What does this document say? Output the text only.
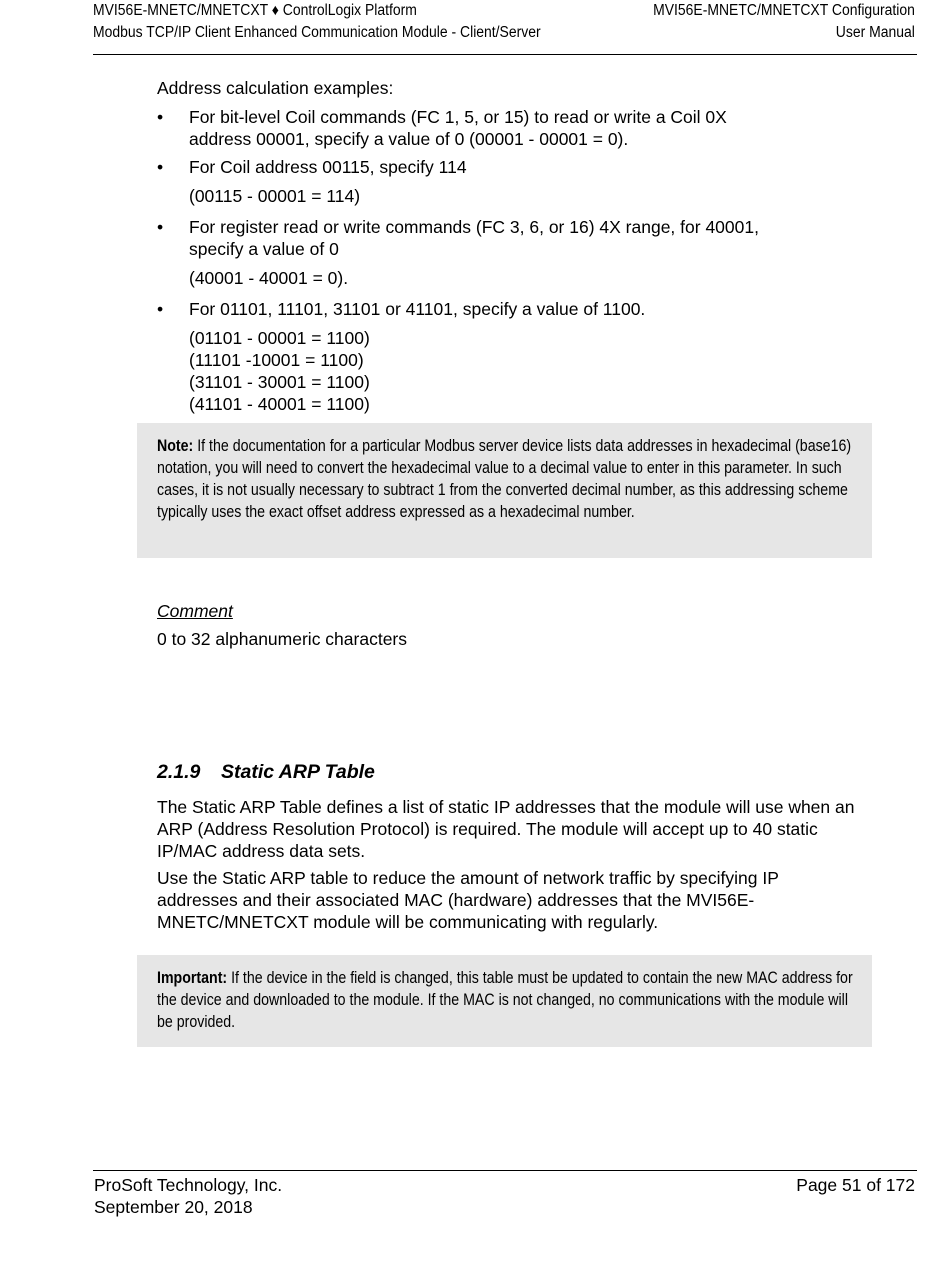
MVI56E-MNETC/MNETCXT ♦ ControlLogix Platform
Modbus TCP/IP Client Enhanced Communication Module - Client/Server
MVI56E-MNETC/MNETCXT Configuration
User Manual

Address calculation examples:

•	For bit-level Coil commands (FC 1, 5, or 15) to read or write a Coil 0X
address 00001, specify a value of 0 (00001 - 00001 = 0).
•	For Coil address 00115, specify 114
(00115 - 00001 = 114)
•	For register read or write commands (FC 3, 6, or 16) 4X range, for 40001,
specify a value of 0
(40001 - 40001 = 0).
•	For 01101, 11101, 31101 or 41101, specify a value of 1100.
(01101 - 00001 = 1100)
(11101 -10001 = 1100)
(31101 - 30001 = 1100)
(41101 - 40001 = 1100)
Note: If the documentation for a particular Modbus server device lists data addresses in hexadecimal (base16) notation, you will need to convert the hexadecimal value to a decimal value to enter in this parameter. In such cases, it is not usually necessary to subtract 1 from the converted decimal number, as this addressing scheme typically uses the exact offset address expressed as a hexadecimal number.
Comment
0 to 32 alphanumeric characters
2.1.9 Static ARP Table

The Static ARP Table defines a list of static IP addresses that the module will use when an ARP (Address Resolution Protocol) is required. The module will accept up to 40 static IP/MAC address data sets.

Use the Static ARP table to reduce the amount of network traffic by specifying IP addresses and their associated MAC (hardware) addresses that the MVI56E-MNETC/MNETCXT module will be communicating with regularly.

Important: If the device in the field is changed, this table must be updated to contain the new MAC address for the device and downloaded to the module. If the MAC is not changed, no communications with the module will be provided.
ProSoft Technology, Inc.
September 20, 2018
Page 51 of 172
